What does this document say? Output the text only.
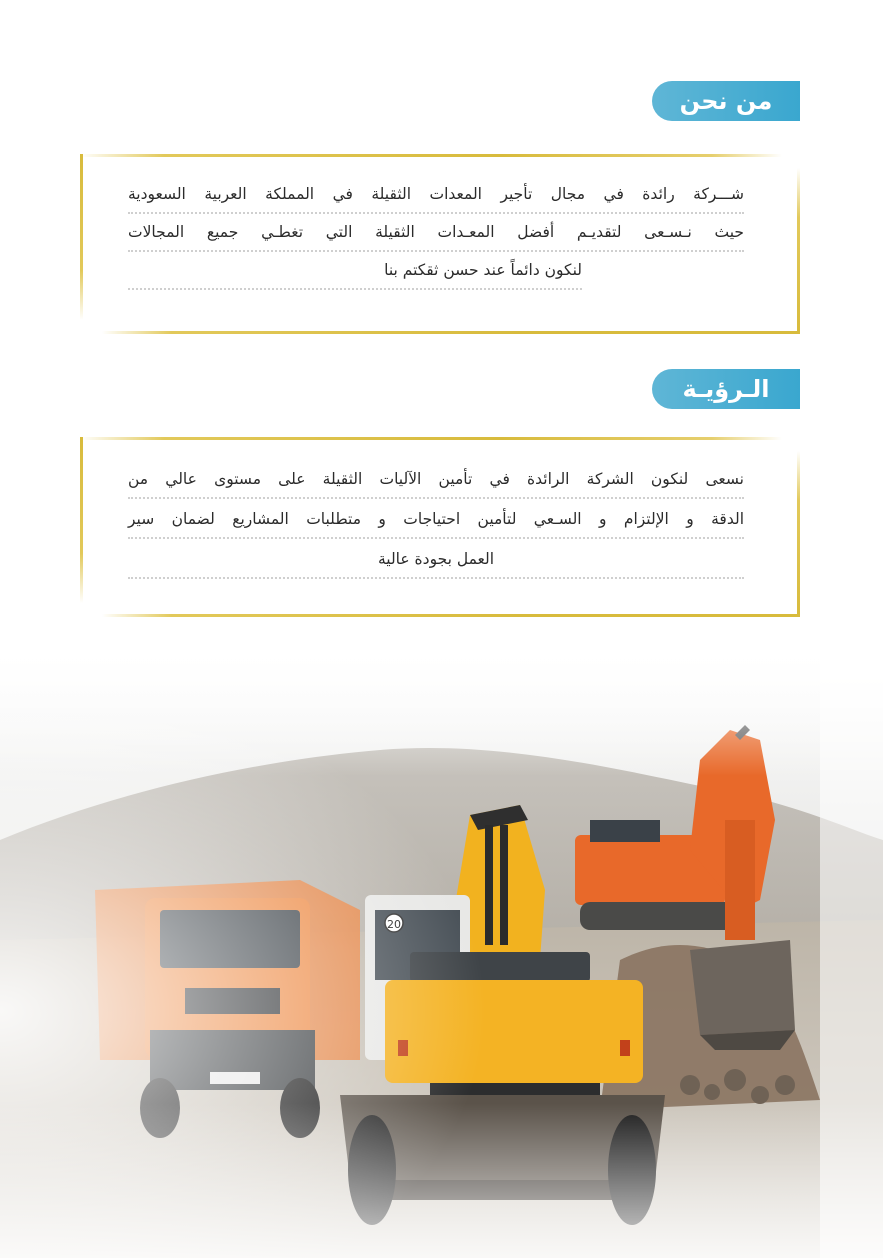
من نحن
شـــركة رائدة في مجال تأجير المعدات الثقيلة في المملكة العربية السعودية
حيث نـسـعى لتقديـم أفضل المعـدات الثقيلة التي تغطـي جميع المجالات
لنكون دائماً عند حسن ثقكتم بنا
الـرؤيـة
نسعى لنكون الشركة الرائدة في تأمين الآليات الثقيلة على مستوى عالي من
الدقة و الإلتزام و السـعي لتأمين احتياجات و متطلبات المشاريع لضمان سير
العمل بجودة عالية
